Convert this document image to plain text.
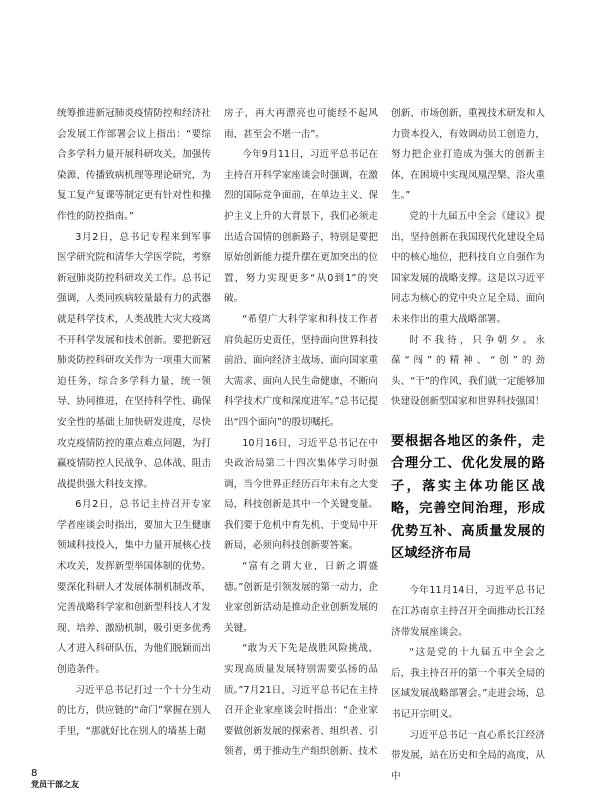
统筹推进新冠肺炎疫情防控和经济社会发展工作部署会议上指出：“要综合多学科力量开展科研攻关，加强传染源、传播致病机理等理论研究，为复工复产复课等制定更有针对性和操作性的防控指南。”

3月2日，总书记专程来到军事医学研究院和清华大学医学院，考察新冠肺炎防控科研攻关工作。总书记强调，人类同疾病较量最有力的武器就是科学技术，人类战胜大灾大疫离不开科学发展和技术创新。要把新冠肺炎防控科研攻关作为一项重大而紧迫任务，综合多学科力量，统一领导、协同推进，在坚持科学性、确保安全性的基础上加快研发进度，尽快攻克疫情防控的重点难点问题，为打赢疫情防控人民战争、总体战、阻击战提供强大科技支撑。

6月2日，总书记主持召开专家学者座谈会时指出，要加大卫生健康领域科技投入，集中力量开展核心技术攻关，发挥新型举国体制的优势。要深化科研人才发展体制机制改革，完善战略科学家和创新型科技人才发现、培养、激励机制，吸引更多优秀人才进入科研队伍，为他们脱颖而出创造条件。

习近平总书记打过一个十分生动的比方，供应链的“命门”掌握在别人手里，“那就好比在别人的墙基上砌

房子，再大再漂亮也可能经不起风雨，甚至会不堪一击”。

今年9月11日，习近平总书记在主持召开科学家座谈会时强调，在激烈的国际竞争面前，在单边主义、保护主义上升的大背景下，我们必须走出适合国情的创新路子，特别是要把原始创新能力提升摆在更加突出的位置，努力实现更多“从0到1”的突破。

“希望广大科学家和科技工作者肩负起历史责任，坚持面向世界科技前沿、面向经济主战场、面向国家重大需求、面向人民生命健康，不断向科学技术广度和深度进军。”总书记提出“四个面向”的殷切嘱托。

10月16日，习近平总书记在中央政治局第二十四次集体学习时强调，当今世界正经历百年未有之大变局，科技创新是其中一个关键变量。我们要于危机中育先机、于变局中开新局，必须向科技创新要答案。

“富有之谓大业，日新之谓盛德。”创新是引领发展的第一动力，企业家创新活动是推动企业创新发展的关键。

“敢为天下先是战胜风险挑战、实现高质量发展特别需要弘扬的品质。”7月21日，习近平总书记在主持召开企业家座谈会时指出：“企业家要做创新发展的探索者、组织者、引领者，勇于推动生产组织创新、技术

创新、市场创新，重视技术研发和人力资本投入，有效调动员工创造力，努力把企业打造成为强大的创新主体，在困境中实现凤凰涅槃、浴火重生。”

党的十九届五中全会《建议》提出，坚持创新在我国现代化建设全局中的核心地位，把科技自立自强作为国家发展的战略支撑。这是以习近平同志为核心的党中央立足全局、面向未来作出的重大战略部署。

时不我待，只争朝夕。永葆“闯”的精神、“创”的劲头、“干”的作风，我们就一定能够加快建设创新型国家和世界科技强国！

要根据各地区的条件，走合理分工、优化发展的路子，落实主体功能区战略，完善空间治理，形成优势互补、高质量发展的区域经济布局

今年11月14日，习近平总书记在江苏南京主持召开全面推动长江经济带发展座谈会。

“这是党的十九届五中全会之后，我主持召开的第一个事关全局的区域发展战略部署会。”走进会场，总书记开宗明义。

习近平总书记一直心系长江经济带发展，站在历史和全局的高度，从中

8
党员干部之友
